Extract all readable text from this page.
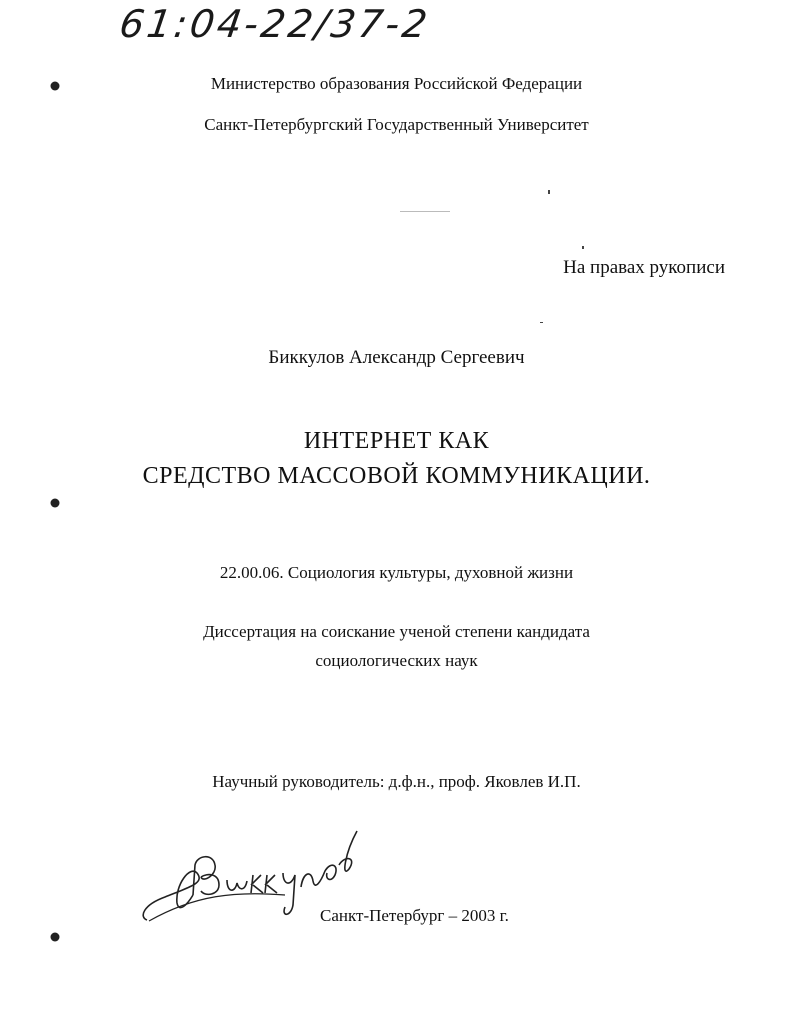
61:04-22/37-2
Министерство образования Российской Федерации
Санкт-Петербургский Государственный Университет
На правах рукописи
Биккулов Александр Сергеевич
ИНТЕРНЕТ КАК
СРЕДСТВО МАССОВОЙ КОММУНИКАЦИИ.
22.00.06. Социология культуры, духовной жизни
Диссертация на соискание ученой степени кандидата
социологических наук
Научный руководитель: д.ф.н., проф. Яковлев И.П.
Санкт-Петербург – 2003 г.
